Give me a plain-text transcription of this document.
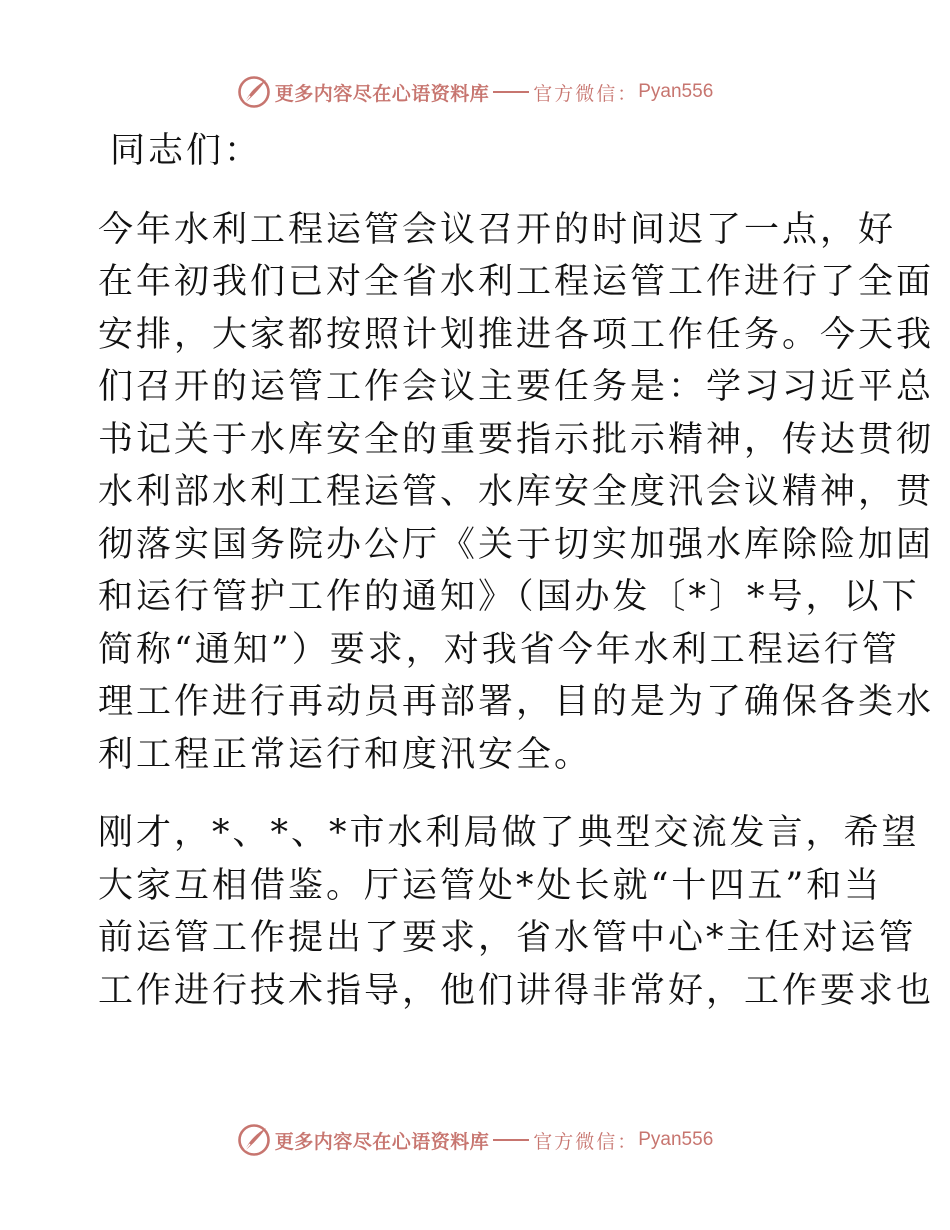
更多内容尽在心语资料库 官方微信： Pyan556
同志们：
今年水利工程运管会议召开的时间迟了一点，好
在年初我们已对全省水利工程运管工作进行了全面
安排，大家都按照计划推进各项工作任务。今天我
们召开的运管工作会议主要任务是：学习习近平总
书记关于水库安全的重要指示批示精神，传达贯彻
水利部水利工程运管、水库安全度汛会议精神，贯
彻落实国务院办公厅《关于切实加强水库除险加固
和运行管护工作的通知》（国办发〔*〕*号，以下
简称“通知”）要求，对我省今年水利工程运行管
理工作进行再动员再部署，目的是为了确保各类水
利工程正常运行和度汛安全。
刚才，*、*、*市水利局做了典型交流发言，希望
大家互相借鉴。厅运管处*处长就“十四五”和当
前运管工作提出了要求，省水管中心*主任对运管
工作进行技术指导，他们讲得非常好，工作要求也
更多内容尽在心语资料库 官方微信： Pyan556
